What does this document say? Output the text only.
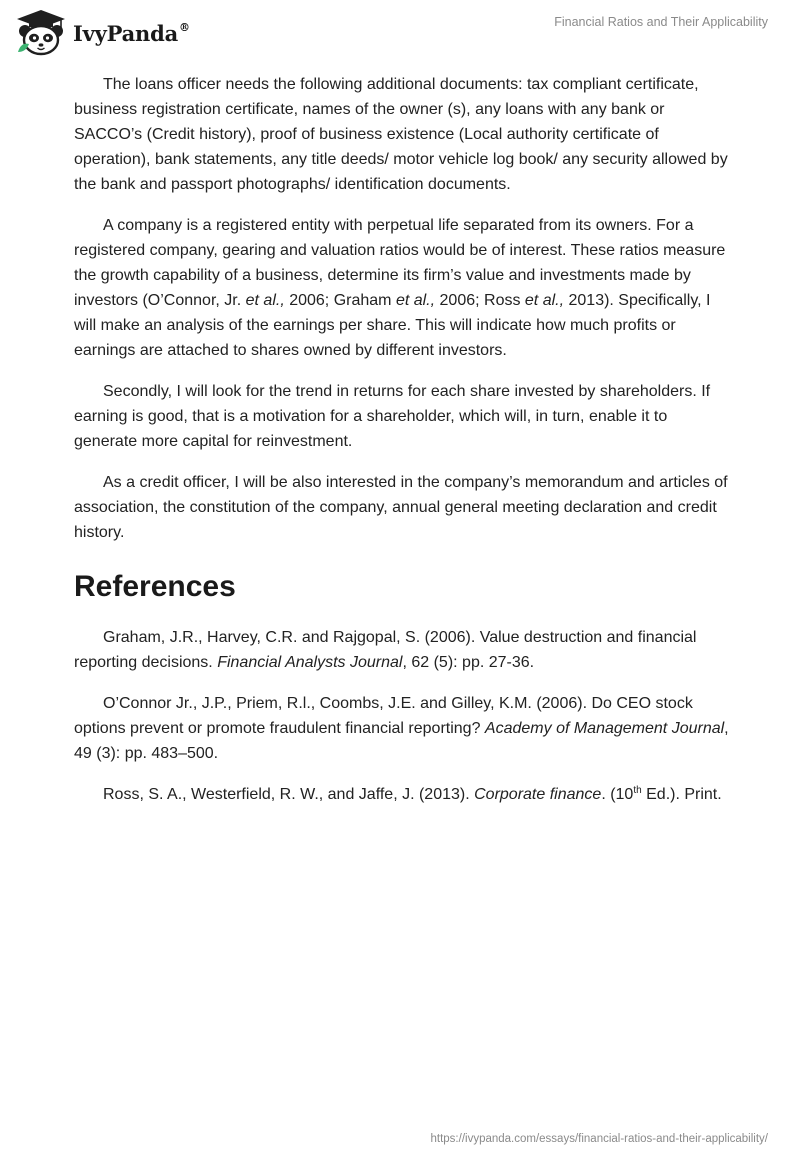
IvyPanda®	Financial Ratios and Their Applicability

The loans officer needs the following additional documents: tax compliant certificate, business registration certificate, names of the owner (s), any loans with any bank or SACCO’s (Credit history), proof of business existence (Local authority certificate of operation), bank statements, any title deeds/ motor vehicle log book/ any security allowed by the bank and passport photographs/ identification documents.

A company is a registered entity with perpetual life separated from its owners. For a registered company, gearing and valuation ratios would be of interest. These ratios measure the growth capability of a business, determine its firm’s value and investments made by investors (O’Connor, Jr. et al., 2006; Graham et al., 2006; Ross et al., 2013). Specifically, I will make an analysis of the earnings per share. This will indicate how much profits or earnings are attached to shares owned by different investors.

Secondly, I will look for the trend in returns for each share invested by shareholders. If earning is good, that is a motivation for a shareholder, which will, in turn, enable it to generate more capital for reinvestment.

As a credit officer, I will be also interested in the company’s memorandum and articles of association, the constitution of the company, annual general meeting declaration and credit history.

References

Graham, J.R., Harvey, C.R. and Rajgopal, S. (2006). Value destruction and financial reporting decisions. Financial Analysts Journal, 62 (5): pp. 27-36.

O’Connor Jr., J.P., Priem, R.l., Coombs, J.E. and Gilley, K.M. (2006). Do CEO stock options prevent or promote fraudulent financial reporting? Academy of Management Journal, 49 (3): pp. 483–500.

Ross, S. A., Westerfield, R. W., and Jaffe, J. (2013). Corporate finance. (10th Ed.). Print.

https://ivypanda.com/essays/financial-ratios-and-their-applicability/
